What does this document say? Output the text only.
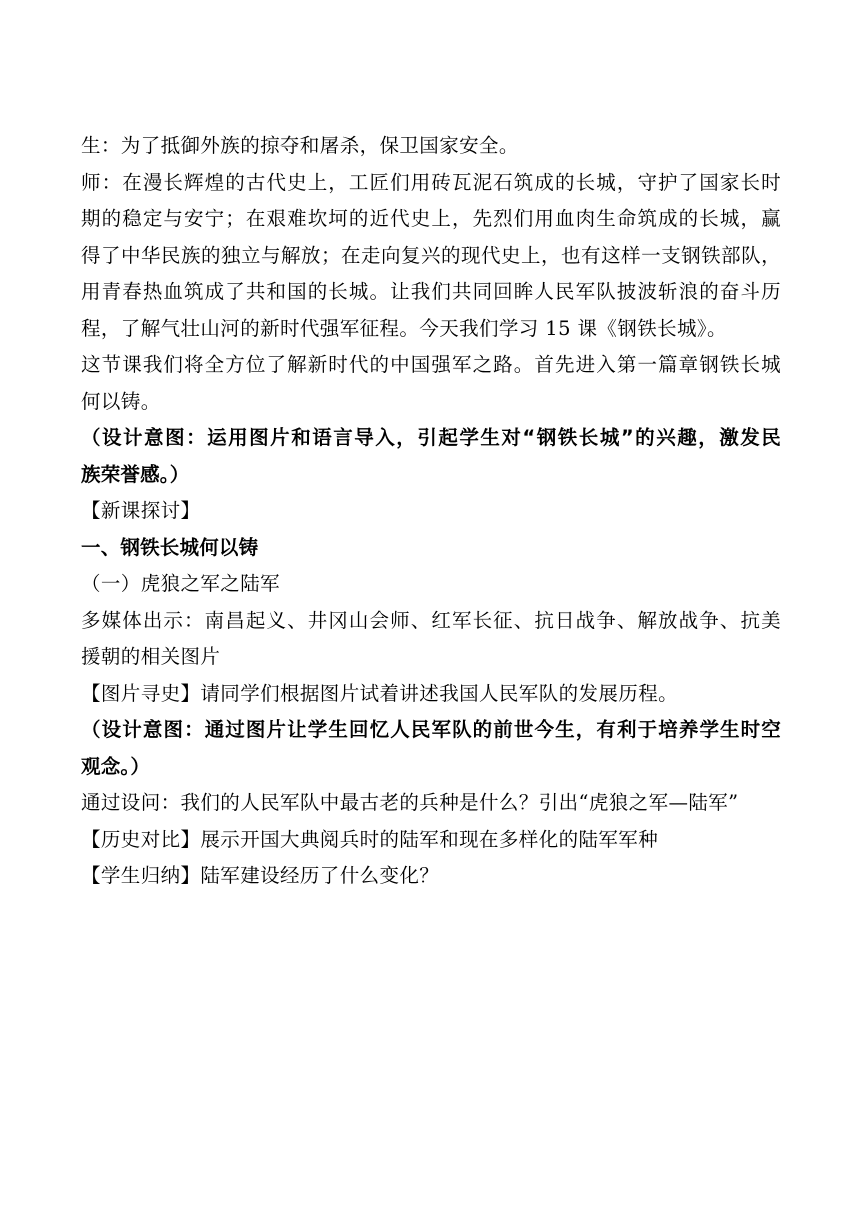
生：为了抵御外族的掠夺和屠杀，保卫国家安全。
师：在漫长辉煌的古代史上，工匠们用砖瓦泥石筑成的长城，守护了国家长时
期的稳定与安宁；在艰难坎坷的近代史上，先烈们用血肉生命筑成的长城，赢
得了中华民族的独立与解放；在走向复兴的现代史上，也有这样一支钢铁部队，
用青春热血筑成了共和国的长城。让我们共同回眸人民军队披波斩浪的奋斗历
程，了解气壮山河的新时代强军征程。今天我们学习 15 课《钢铁长城》。
这节课我们将全方位了解新时代的中国强军之路。首先进入第一篇章钢铁长城
何以铸。
（设计意图：运用图片和语言导入，引起学生对“钢铁长城”的兴趣，激发民
族荣誉感。）
【新课探讨】
一、钢铁长城何以铸
（一）虎狼之军之陆军
多媒体出示：南昌起义、井冈山会师、红军长征、抗日战争、解放战争、抗美
援朝的相关图片
【图片寻史】请同学们根据图片试着讲述我国人民军队的发展历程。
（设计意图：通过图片让学生回忆人民军队的前世今生，有利于培养学生时空
观念。）
通过设问：我们的人民军队中最古老的兵种是什么？引出“虎狼之军—陆军”
【历史对比】展示开国大典阅兵时的陆军和现在多样化的陆军军种
【学生归纳】陆军建设经历了什么变化？
